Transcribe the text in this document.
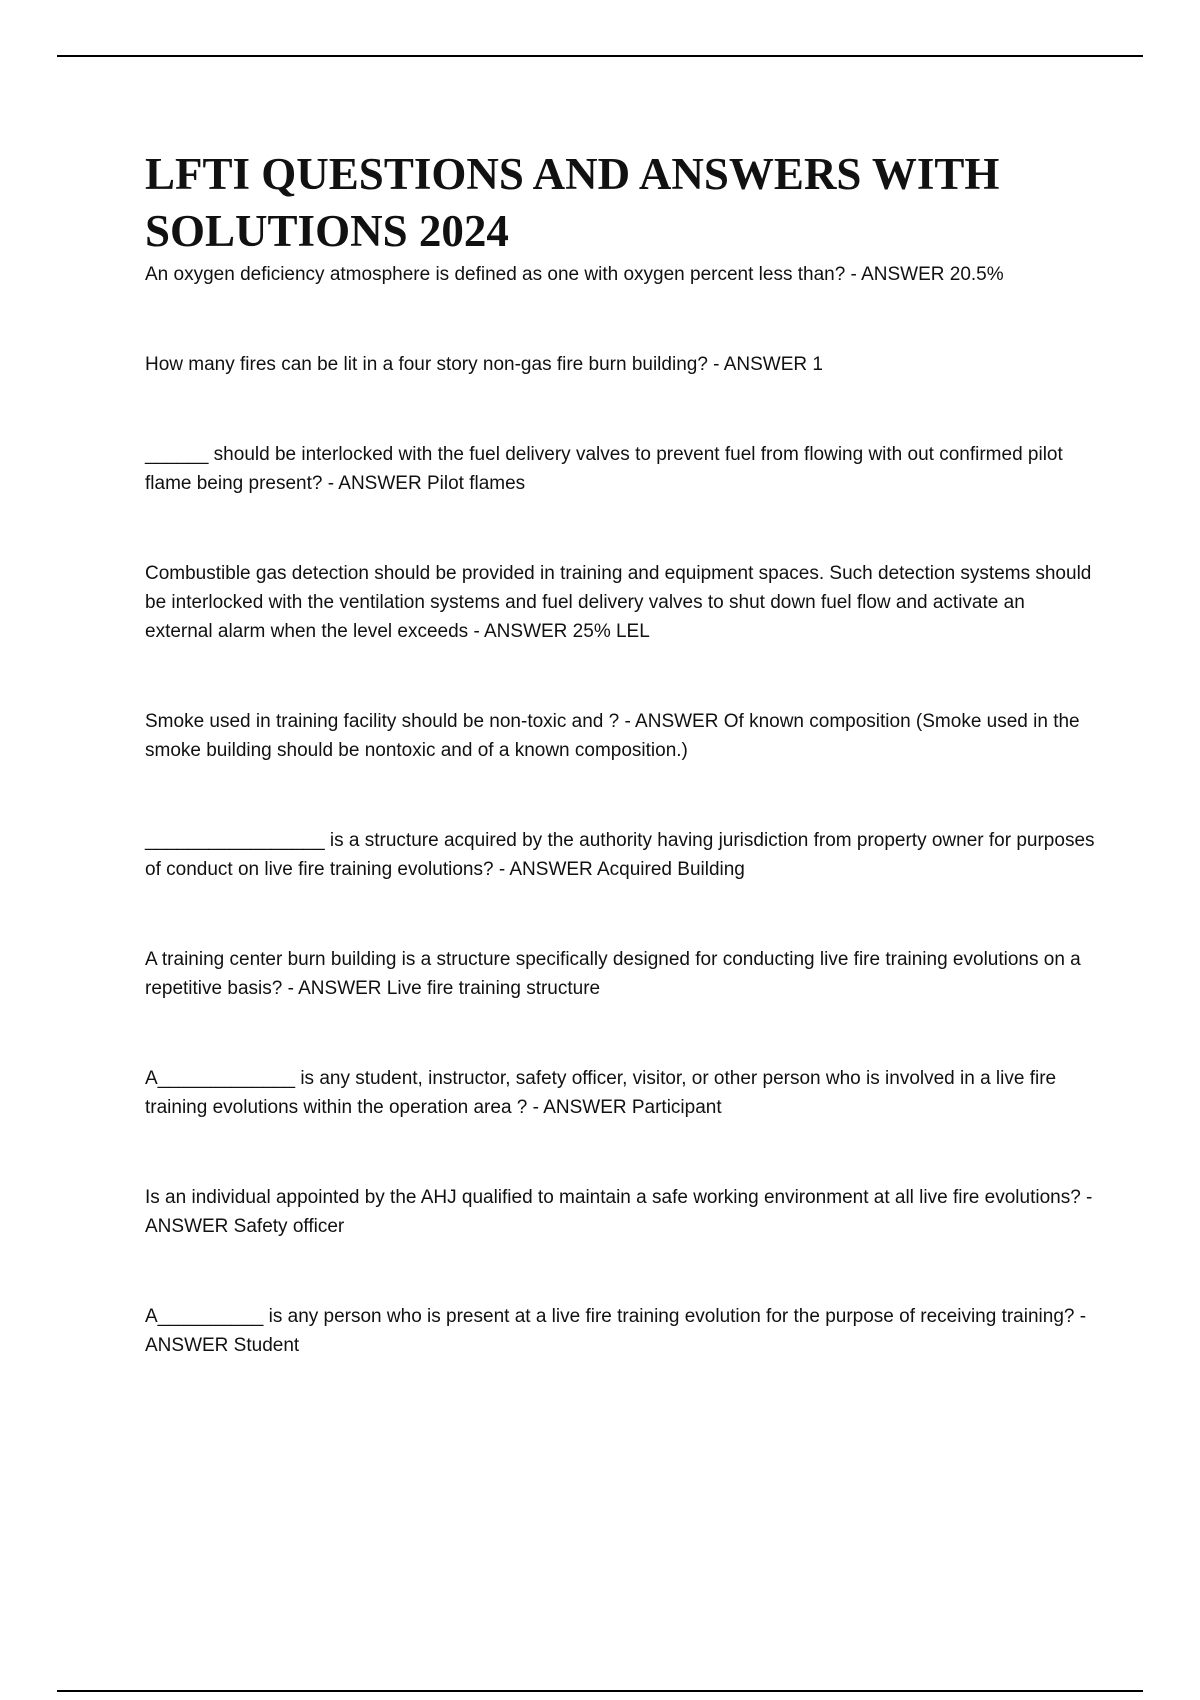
LFTI QUESTIONS AND ANSWERS WITH SOLUTIONS 2024

An oxygen deficiency atmosphere is defined as one with oxygen percent less than? - ANSWER 20.5%

How many fires can be lit in a four story non-gas fire burn building? - ANSWER 1

______ should be interlocked with the fuel delivery valves to prevent fuel from flowing with out confirmed pilot flame being present? - ANSWER Pilot flames

Combustible gas detection should be provided in training and equipment spaces. Such detection systems should be interlocked with the ventilation systems and fuel delivery valves to shut down fuel flow and activate an external alarm when the level exceeds - ANSWER 25% LEL

Smoke used in training facility should be non-toxic and ? - ANSWER Of known composition (Smoke used in the smoke building should be nontoxic and of a known composition.)

_________________ is a structure acquired by the authority having jurisdiction from property owner for purposes of conduct on live fire training evolutions? - ANSWER Acquired Building

A training center burn building is a structure specifically designed for conducting live fire training evolutions on a repetitive basis? - ANSWER Live fire training structure

A_____________ is any student, instructor, safety officer, visitor, or other person who is involved in a live fire training evolutions within the operation area ? - ANSWER Participant

Is an individual appointed by the AHJ qualified to maintain a safe working environment at all live fire evolutions? - ANSWER Safety officer

A__________ is any person who is present at a live fire training evolution for the purpose of receiving training? - ANSWER Student
